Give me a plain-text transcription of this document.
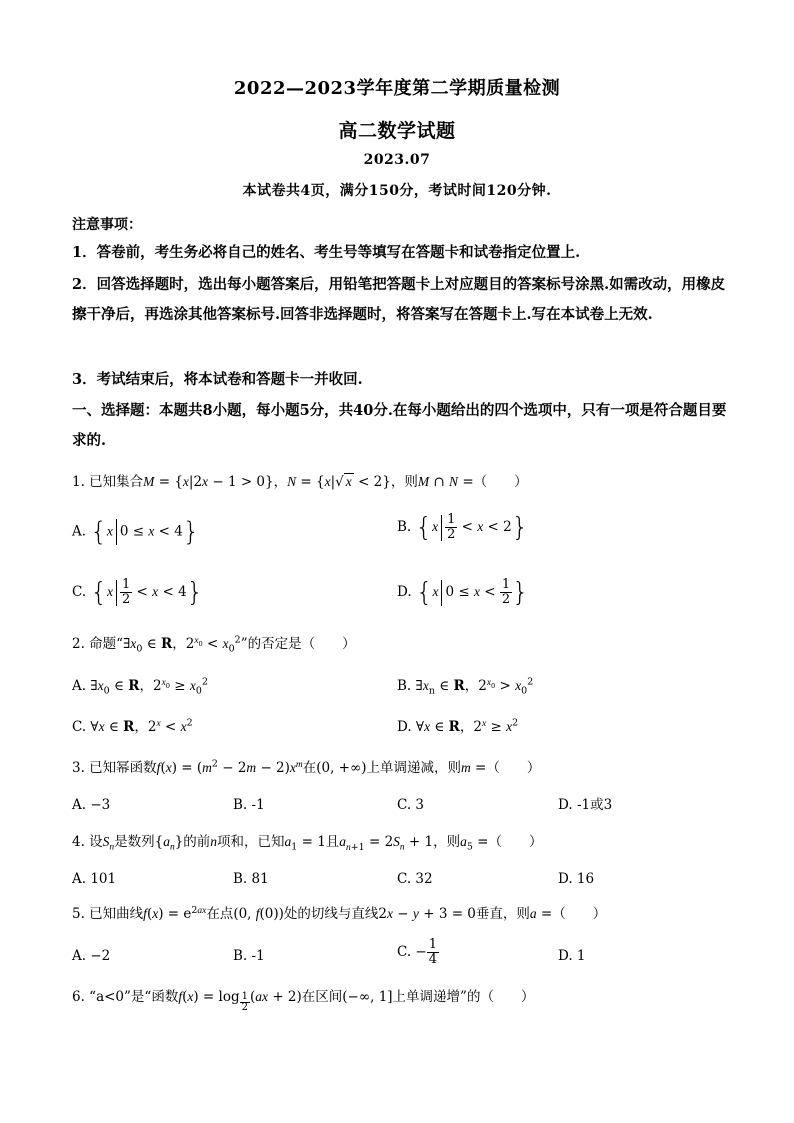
2022—2023学年度第二学期质量检测
高二数学试题
2023.07
本试卷共4页，满分150分，考试时间120分钟.
注意事项：
1．答卷前，考生务必将自己的姓名、考生号等填写在答题卡和试卷指定位置上.
2．回答选择题时，选出每小题答案后，用铅笔把答题卡上对应题目的答案标号涂黑.如需改动，用橡皮擦干净后，再选涂其他答案标号.回答非选择题时，将答案写在答题卡上.写在本试卷上无效.
3．考试结束后，将本试卷和答题卡一并收回.
一、选择题：本题共8小题，每小题5分，共40分.在每小题给出的四个选项中，只有一项是符合题目要求的.
1. 已知集合M = {x|2x − 1 > 0}，N = {x|√ x < 2}，则M ∩ N =（　　）
A. {x 0 ≤ x < 4}	B. $\{x \frac{1}{2} < x < 2\}$
C. $\{x \frac{1}{2} < x < 4\}$	D. {x $0 \le x < \frac{1}{2}$ }
2. 命题“$\exists x_0$ ∈ R，$2^{x_0} < x_0^2$”的否定是（　　）
A. $\exists x_0$ ∈ R，$2^{x_0} \ge x_0^2$	B. $\exists x_n$ ∈ R，$2^{x_0} > x_0^2$
C. ∀x ∈ R，$2^x < x^2$	D. ∀x ∈ R，$2^x \ge x^2$
3. 已知幂函数$f(x) = (m^2 - 2m - 2)x^m$在(0, +∞)上单调递减，则m =（　　）
A. −3	B. -1	C. 3	D. -1或3
4. 设$S_n$是数列$\{a_n\}$的前n项和，已知$a_1 = 1$且$a_{n+1} = 2S_n + 1$，则$a_5$ =（　　）
A. 101	B. 81	C. 32	D. 16
5. 已知曲线$f(x) = e^{2ax}$在点(0, f(0))处的切线与直线2x − y + 3 = 0垂直，则a =（　　）
A. −2	B. -1	C. − $\frac{1}{4}$	D. 1
6. “a<0”是“函数f(x) = log $_{\frac{1}{2}}$ (ax + 2)在区间(−∞, 1]上单调递增”的（　　）
